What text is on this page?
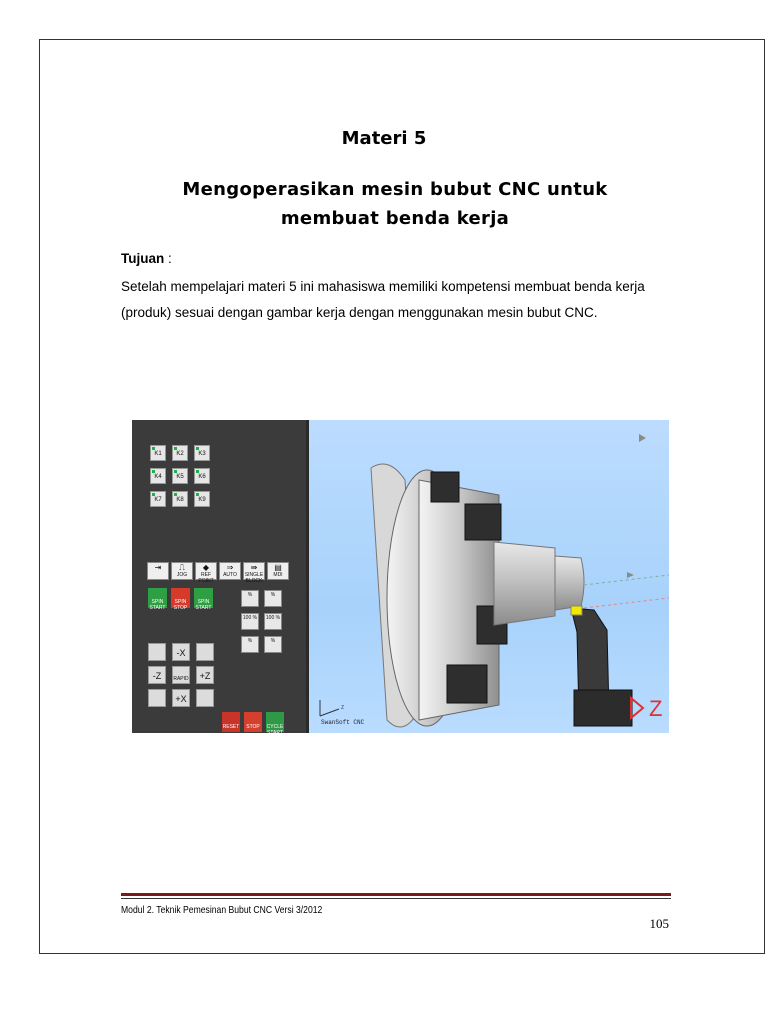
Materi 5
Mengoperasikan mesin bubut CNC untuk membuat benda kerja
Tujuan :
Setelah mempelajari materi 5 ini mahasiswa memiliki kompetensi membuat benda kerja (produk) sesuai dengan gambar kerja dengan menggunakan mesin bubut CNC.
K1	K2	K3
K4	K5	K6
K7	K8	K9
⇥	⎍
JOG
◆
REF POINT
⇒
AUTO
⇛
SINGLE BLOCK
▤
MDI
SPIN START
SPIN STOP
SPIN START
%	%
100 %	100 %
%	%
-X
-Z	RAPID	+Z
+X
RESET	STOP	CYCLE START
Z
Z
SwanSoft CNC
Modul 2. Teknik Pemesinan Bubut CNC Versi 3/2012
105
